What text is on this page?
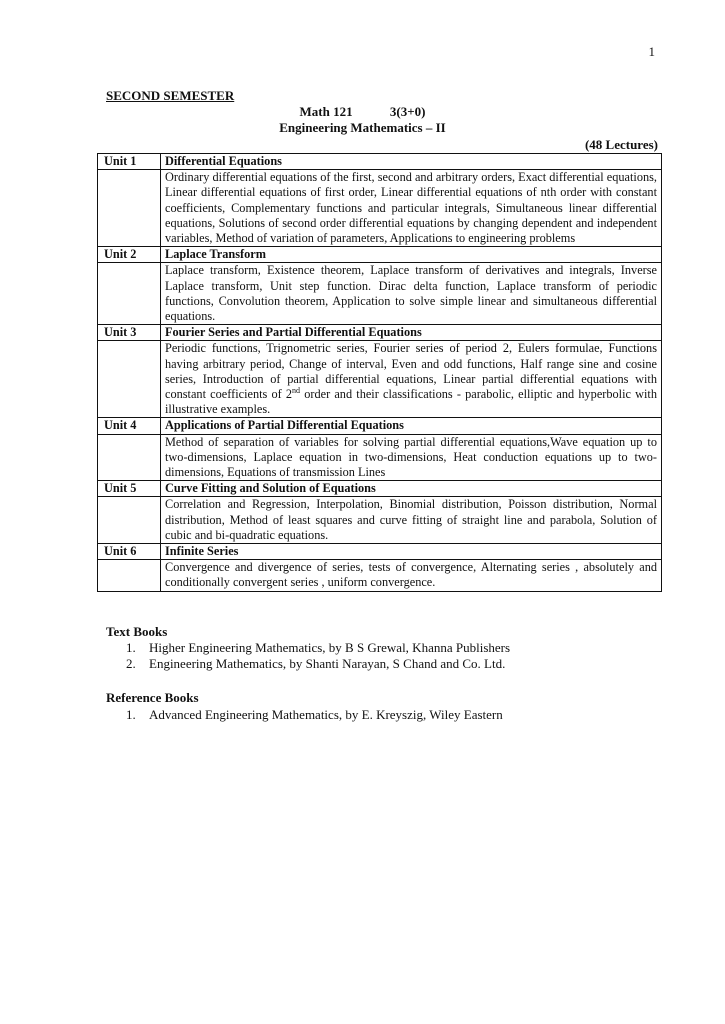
1
SECOND SEMESTER
Math 121	3(3+0)
Engineering Mathematics – II
(48 Lectures)
Unit 1	Differential Equations
	Ordinary differential equations of the first, second and arbitrary orders, Exact differential equations, Linear differential equations of first order, Linear differential equations of nth order with constant coefficients, Complementary functions and particular integrals, Simultaneous linear differential equations, Solutions of second order differential equations by changing dependent and independent variables, Method of variation of parameters, Applications to engineering problems
Unit 2	Laplace Transform
	Laplace transform, Existence theorem, Laplace transform of derivatives and integrals, Inverse Laplace transform, Unit step function. Dirac delta function, Laplace transform of periodic functions, Convolution theorem, Application to solve simple linear and simultaneous differential equations.
Unit 3	Fourier Series and Partial Differential Equations
	Periodic functions, Trignometric series, Fourier series of period 2, Eulers formulae, Functions having arbitrary period, Change of interval, Even and odd functions, Half range sine and cosine series, Introduction of partial differential equations, Linear partial differential equations with constant coefficients of 2nd order and their classifications - parabolic, elliptic and hyperbolic with illustrative examples.
Unit 4	Applications of Partial Differential Equations
	Method of separation of variables for solving partial differential equations,Wave equation up to two-dimensions, Laplace equation in two-dimensions, Heat conduction equations up to two-dimensions, Equations of transmission Lines
Unit 5	Curve Fitting and Solution of Equations
	Correlation and Regression, Interpolation, Binomial distribution, Poisson distribution, Normal distribution, Method of least squares and curve fitting of straight line and parabola, Solution of cubic and bi-quadratic equations.
Unit 6	Infinite Series
	Convergence and divergence of series, tests of convergence, Alternating series , absolutely and conditionally convergent series , uniform convergence.
Text Books
1.	Higher Engineering Mathematics, by B S Grewal, Khanna Publishers
2.	Engineering Mathematics, by Shanti Narayan, S Chand and Co. Ltd.
Reference Books
1.	Advanced Engineering Mathematics, by E. Kreyszig, Wiley Eastern
